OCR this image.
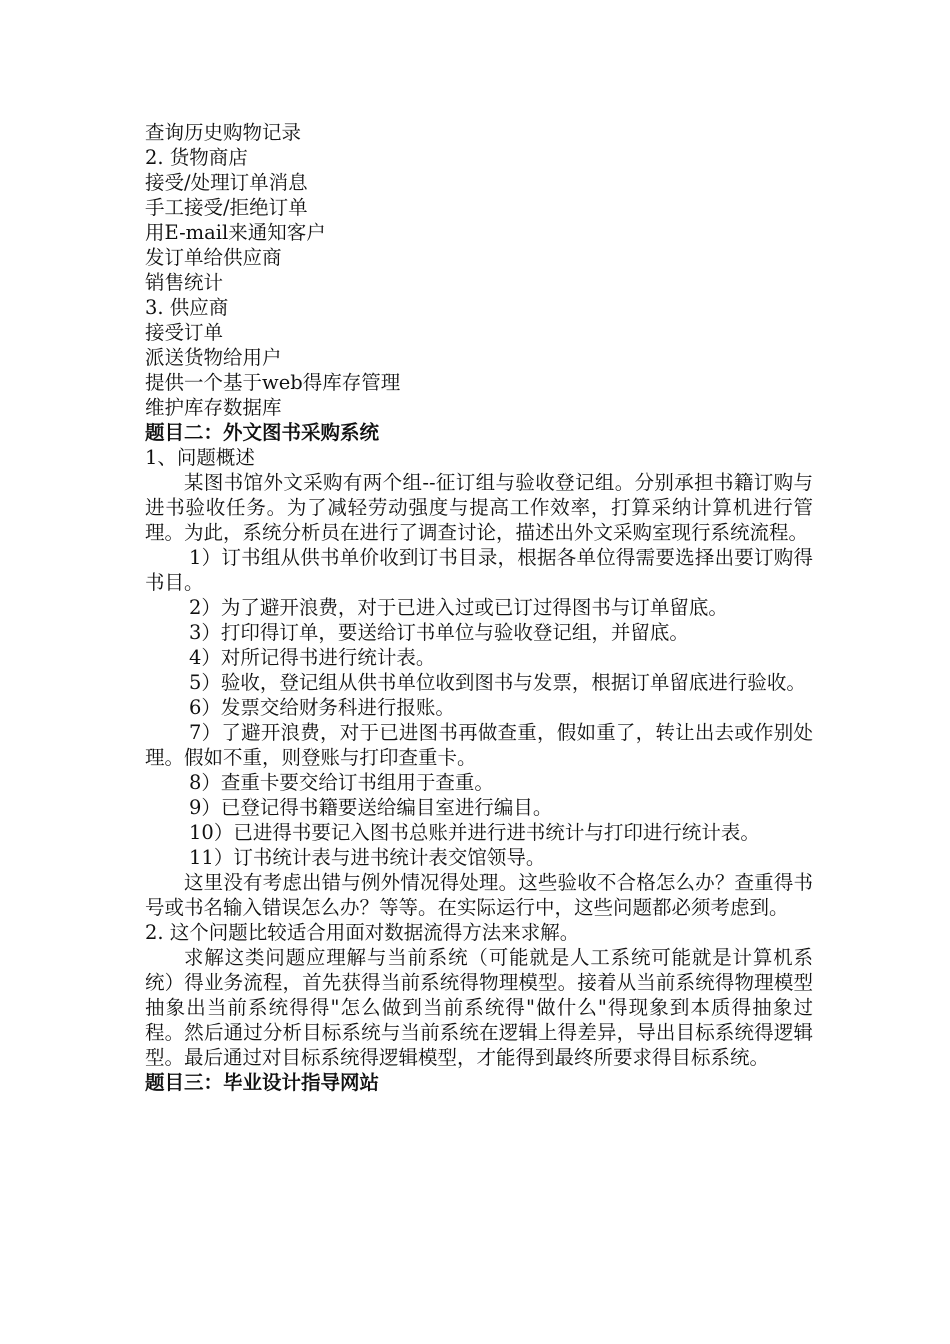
查询历史购物记录
2. 货物商店
接受/处理订单消息
手工接受/拒绝订单
用E-mail来通知客户
发订单给供应商
销售统计
3. 供应商
接受订单
派送货物给用户
提供一个基于web得库存管理
维护库存数据库
题目二：外文图书采购系统
1、问题概述
某图书馆外文采购有两个组--征订组与验收登记组。分别承担书籍订购与进书验收任务。为了减轻劳动强度与提高工作效率，打算采纳计算机进行管理。为此，系统分析员在进行了调查讨论，描述出外文采购室现行系统流程。
1）订书组从供书单价收到订书目录，根据各单位得需要选择出要订购得书目。
2）为了避开浪费，对于已进入过或已订过得图书与订单留底。
3）打印得订单，要送给订书单位与验收登记组，并留底。
4）对所记得书进行统计表。
5）验收，登记组从供书单位收到图书与发票，根据订单留底进行验收。
6）发票交给财务科进行报账。
7）了避开浪费，对于已进图书再做查重，假如重了，转让出去或作别处理。假如不重，则登账与打印查重卡。
8）查重卡要交给订书组用于查重。
9）已登记得书籍要送给编目室进行编目。
10）已进得书要记入图书总账并进行进书统计与打印进行统计表。
11）订书统计表与进书统计表交馆领导。
这里没有考虑出错与例外情况得处理。这些验收不合格怎么办？查重得书号或书名输入错误怎么办？等等。在实际运行中，这些问题都必须考虑到。
2. 这个问题比较适合用面对数据流得方法来求解。
求解这类问题应理解与当前系统（可能就是人工系统可能就是计算机系统）得业务流程，首先获得当前系统得物理模型。接着从当前系统得物理模型抽象出当前系统得得"怎么做到当前系统得"做什么"得现象到本质得抽象过程。然后通过分析目标系统与当前系统在逻辑上得差异，导出目标系统得逻辑型。最后通过对目标系统得逻辑模型，才能得到最终所要求得目标系统。
题目三：毕业设计指导网站
